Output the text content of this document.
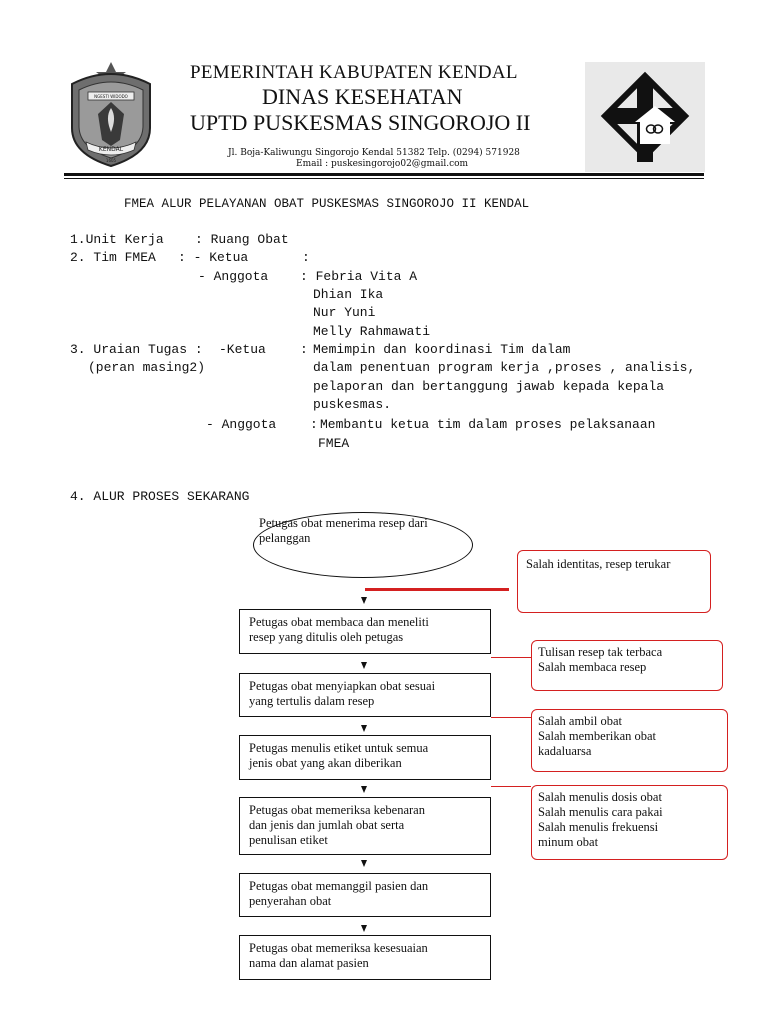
NGESTI WIDODO
KENDAL
1605
PEMERINTAH KABUPATEN KENDAL
DINAS KESEHATAN
UPTD PUSKESMAS SINGOROJO II
Jl. Boja-Kaliwungu Singorojo Kendal 51382 Telp. (0294) 571928
Email : puskesingorojo02@gmail.com
FMEA ALUR PELAYANAN OBAT PUSKESMAS SINGOROJO II KENDAL
1.Unit Kerja : Ruang Obat
2. Tim FMEA : - Ketua	:
- Anggota : Febria Vita A
Dhian Ika
Nur Yuni
Melly Rahmawati
3. Uraian Tugas : -Ketua	: Memimpin dan koordinasi Tim dalam
(peran masing2)	dalam penentuan program kerja ,proses , analisis,
pelaporan dan bertanggung jawab kepada kepala
puskesmas.
- Anggota	: Membantu ketua tim dalam proses pelaksanaan
FMEA
4. ALUR PROSES SEKARANG
Petugas obat menerima resep dari
pelanggan
Petugas obat membaca dan meneliti
resep yang ditulis oleh petugas
Petugas obat menyiapkan obat sesuai
yang tertulis dalam resep
Petugas menulis etiket untuk semua
jenis obat yang akan diberikan
Petugas obat memeriksa kebenaran
dan jenis dan jumlah obat serta
penulisan etiket
Petugas obat memanggil pasien dan
penyerahan obat
Petugas obat memeriksa kesesuaian
nama dan alamat pasien
Salah identitas, resep terukar
Tulisan resep tak terbaca
Salah membaca resep
Salah ambil obat
Salah memberikan obat
kadaluarsa
Salah menulis dosis obat
Salah menulis cara pakai
Salah menulis frekuensi
minum obat
